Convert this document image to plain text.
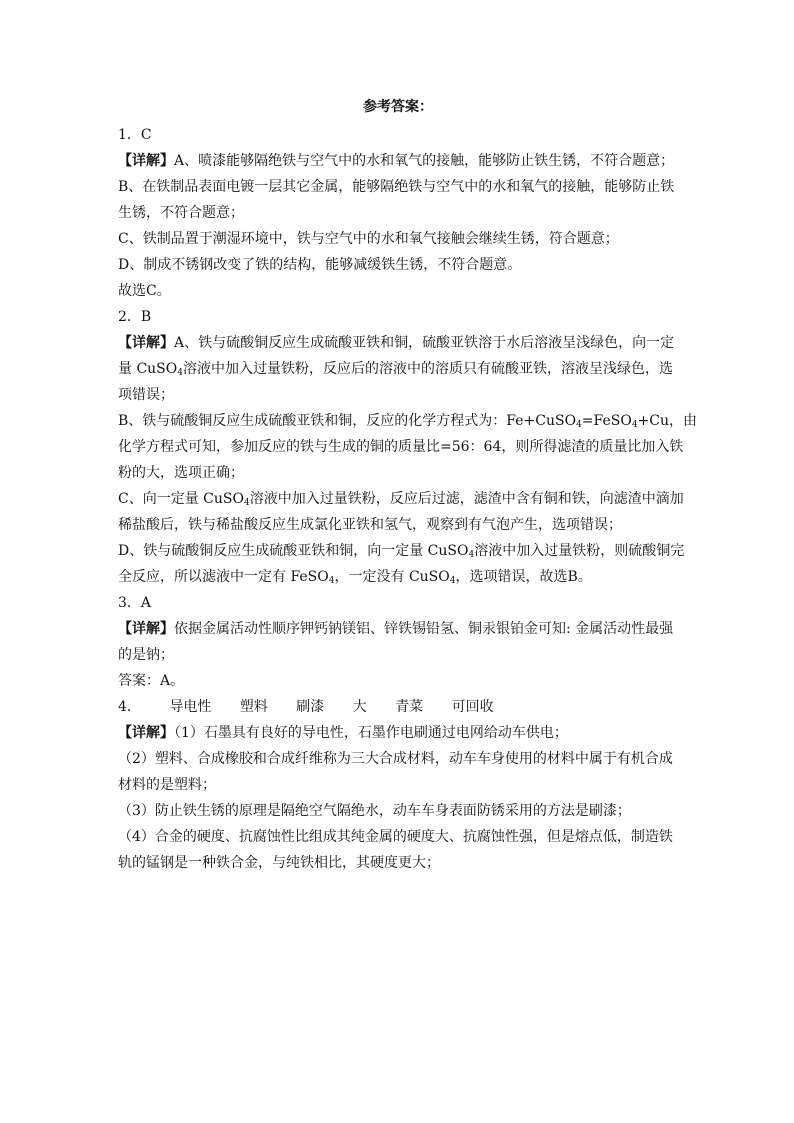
参考答案：
1．C
【详解】A、喷漆能够隔绝铁与空气中的水和氧气的接触，能够防止铁生锈，不符合题意；
B、在铁制品表面电镀一层其它金属，能够隔绝铁与空气中的水和氧气的接触，能够防止铁
生锈，不符合题意；
C、铁制品置于潮湿环境中，铁与空气中的水和氧气接触会继续生锈，符合题意；
D、制成不锈钢改变了铁的结构，能够减缓铁生锈，不符合题意。
故选C。
2．B
【详解】A、铁与硫酸铜反应生成硫酸亚铁和铜，硫酸亚铁溶于水后溶液呈浅绿色，向一定
量 CuSO$_4$溶液中加入过量铁粉，反应后的溶液中的溶质只有硫酸亚铁，溶液呈浅绿色，选
项错误；
B、铁与硫酸铜反应生成硫酸亚铁和铜，反应的化学方程式为：Fe+CuSO$_4$=FeSO$_4$+Cu，由
化学方程式可知，参加反应的铁与生成的铜的质量比=56：64，则所得滤渣的质量比加入铁
粉的大，选项正确；
C、向一定量 CuSO$_4$溶液中加入过量铁粉，反应后过滤，滤渣中含有铜和铁，向滤渣中滴加
稀盐酸后，铁与稀盐酸反应生成氯化亚铁和氢气，观察到有气泡产生，选项错误；
D、铁与硫酸铜反应生成硫酸亚铁和铜，向一定量 CuSO$_4$溶液中加入过量铁粉，则硫酸铜完
全反应，所以滤液中一定有 FeSO$_4$，一定没有 CuSO$_4$，选项错误，故选B。
3．A
【详解】依据金属活动性顺序钾钙钠镁铝、锌铁锡铅氢、铜汞银铂金可知: 金属活动性最强
的是钠；
答案：A。
4． 导电性 塑料 刷漆 大 青菜 可回收
【详解】（1）石墨具有良好的导电性，石墨作电刷通过电网给动车供电；
（2）塑料、合成橡胶和合成纤维称为三大合成材料，动车车身使用的材料中属于有机合成
材料的是塑料；
（3）防止铁生锈的原理是隔绝空气隔绝水，动车车身表面防锈采用的方法是刷漆；
（4）合金的硬度、抗腐蚀性比组成其纯金属的硬度大、抗腐蚀性强，但是熔点低，制造铁
轨的锰钢是一种铁合金，与纯铁相比，其硬度更大；
